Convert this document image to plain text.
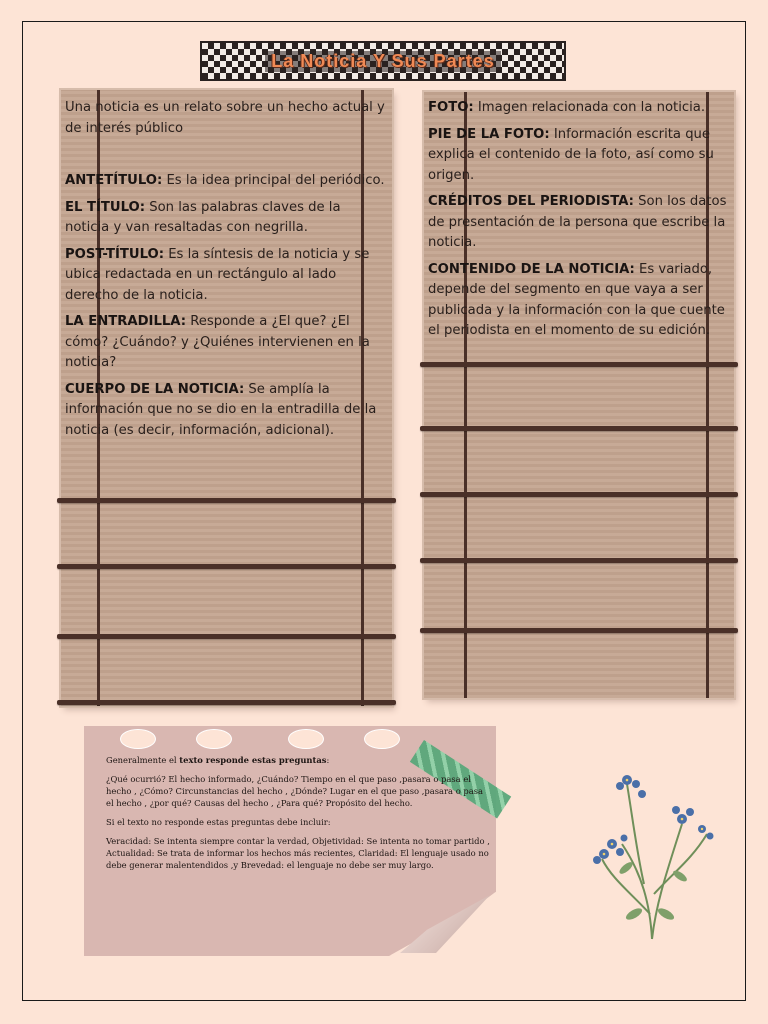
La Noticia Y Sus Partes

Una noticia es un relato sobre un hecho actual y de interés público

ANTETÍTULO: Es la idea principal del periódico.

EL TÍTULO: Son las palabras claves de la noticia y van resaltadas con negrilla.

POST-TÍTULO: Es la síntesis de la noticia y se ubica redactada en un rectángulo al lado derecho de la noticia.

LA ENTRADILLA: Responde a ¿El que? ¿El cómo? ¿Cuándo? y ¿Quiénes intervienen en la noticia?

CUERPO DE LA NOTICIA: Se amplía la información que no se dio en la entradilla de la noticia (es decir, información, adicional).

FOTO: Imagen relacionada con la noticia.

PIE DE LA FOTO: Información escrita que explica el contenido de la foto, así como su origen.

CRÉDITOS DEL PERIODISTA: Son los datos de presentación de la persona que escribe la noticia.

CONTENIDO DE LA NOTICIA: Es variado, depende del segmento en que vaya a ser publicada y la información con la que cuente el periodista en el momento de su edición.

Generalmente el texto responde estas preguntas:

¿Qué ocurrió? El hecho informado, ¿Cuándo? Tiempo en el que paso ,pasara o pasa el hecho , ¿Cómo? Circunstancias del hecho , ¿Dónde? Lugar en el que paso ,pasara o pasa el hecho , ¿por qué? Causas del hecho , ¿Para qué? Propósito del hecho.

Si el texto no responde estas preguntas debe incluir:

Veracidad: Se intenta siempre contar la verdad, Objetividad: Se intenta no tomar partido , Actualidad: Se trata de informar los hechos más recientes, Claridad: El lenguaje usado no debe generar malentendidos ,y Brevedad: el lenguaje no debe ser muy largo.
